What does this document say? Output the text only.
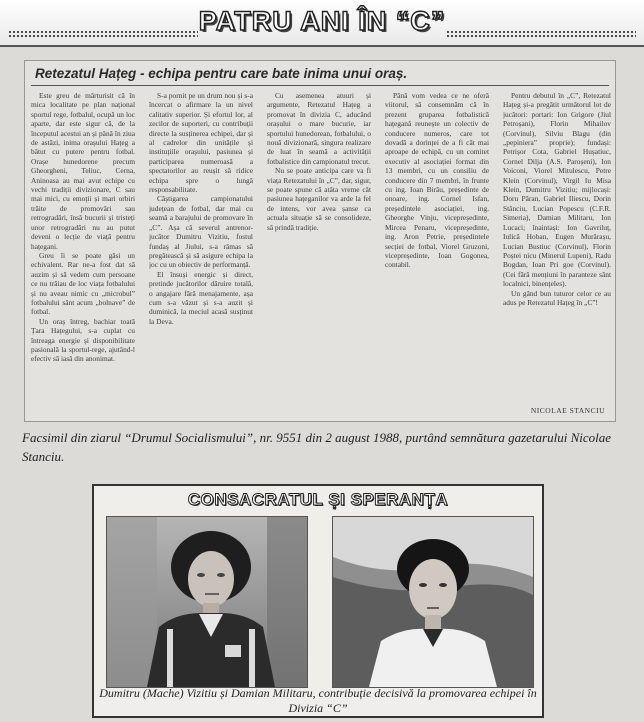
PATRU ANI ÎN “C”
Retezatul Hațeg - echipa pentru care bate inima unui oraș.

Este greu de mărturisit că în mica localitate pe plan național sportul rege, fotbalul, ocupă un loc aparte, dar este sigur că, de la începutul acestui an și până în ziua de astăzi, inima orașului Hațeg a bătut cu putere pentru fotbal. Orașe hunedorene precum Gheorgheni, Teliuc, Cerna, Aninoasa au mai avut echipe cu vechi tradiții divizionare, C sau mai mici, cu emoții și mari orbiri trăite de promovări sau retrogradări, însă bucurii și tristeți unor retrogradări nu au putut deveni o lecție de viață pentru hațegani.

Greu îi se poate găsi un echivalent. Rar ne-a fost dat să auzim și să vedem cum persoane ce nu trăiau de loc viața fotbalului și nu aveau nimic cu „microbul” fotbalului sânt acum „bolnave” de fotbal.

Un oraș întreg, bachiar toată Țara Hațegului, s-a cuplat cu întreaga energie și disponibilitate pasională la sportul-rege, ajutând-l efectiv să iasă din anonimat.

S-a pornit pe un drum nou și s-a încercat o afirmare la un nivel calitativ superior. Și efortul lor, al zecilor de suporteri, cu contribuții directe la susținerea echipei, dar și al cadrelor din unitățile și instituțiile orașului, pasiunea și participarea numeroasă a spectatorilor au reușit să ridice echipa spre o lungă responsabilitate.

Câștigarea campionatului județean de fotbal, dar mai cu seamă a barajului de promovare în „C”. Așa că severul antrenor-jucător Dumitru Vizitiu, fostul fundaș al Jiului, s-a rămas să pregătească și să asigure echipa la joc cu un obiectiv de performanță.

El însuși energic și direct, pretinde jucătorilor dăruire totală, o angajare fără menajamente, așa cum s-a văzut și s-a auzit și duminică, la meciul acasă susținut la Deva.

Cu asemenea atuuri și argumente, Retezatul Hațeg a promovat în divizia C, aducând orașului o mare bucurie, iar sportului hunedorean, fotbalului, o nouă divizionară, singura realizare de luat în seamă a activității fotbalistice din campionatul trecut.

Nu se poate anticipa care va fi viața Retezatului în „C”, dar, sigur, se poate spune că atâta vreme cât pasiunea hațeganilor va arde la fel de intens, vor avea șanse ca actuala situație să se consolideze, să prindă tradiție.

Până vom vedea ce ne oferă viitorul, să consemnăm că în prezent gruparea fotbalistică hațegană reunește un colectiv de conducere numeros, care tot dovadă a dorinței de a fi cât mai aproape de echipă, cu un comitet executiv al asociației format din 13 membri, cu un consiliu de conducere din 7 membri, în frunte cu ing. Ioan Birău, președinte de onoare, ing. Cornel Isfan, președintele asociației, ing. Gheorghe Vinju, vicepreședinte, Mircea Penaru, vicepreședinte, ing. Aron Petrie, președintele secției de fotbal, Viorel Gruzoni, vicepreședinte, Ioan Gogonea, contabil.

Pentru debutul în „C”, Retezatul Hațeg și-a pregătit următorul lot de jucători: portari: Ion Grigore (Jiul Petroșani), Florin Mihailov (Corvinul), Silviu Blagu (din „pepiniera” proprie); fundași: Petrișor Cota, Gabriel Hușatiuc, Cornel Dilja (A.S. Paroșeni), Ion Voiconi, Viorel Mitulescu, Petre Klein (Corvinul), Virgil Iu Misa Klein, Dumitru Vizitiu; mijlocași: Doru Păran, Gabriel Iliescu, Dorin Stănciu, Lucian Popescu (C.F.R. Simeria), Damian Militaru, Ion Lucaci; înaintași: Ion Gavriluț, Iulică Hoban, Eugen Murărașu, Lucian Bustiuc (Corvinul), Florin Poștei nicu (Minerul Lupeni), Radu Bogdan, Ioan Pri goe (Corvinul). (Cei fără mențiuni în paranteze sânt localnici, binențeles).

Un gând bun tuturor celor ce au adus pe Retezatul Hațeg în „C”!

NICOLAE STANCIU
Facsimil din ziarul “Drumul Socialismului”, nr. 9551 din 2 august 1988, purtând semnătura gazetarului Nicolae Stanciu.
CONSACRATUL ȘI SPERANȚA
Dumitru (Mache) Vizitiu și Damian Militaru, contribuție decisivă la promovarea echipei în Divizia “C”
